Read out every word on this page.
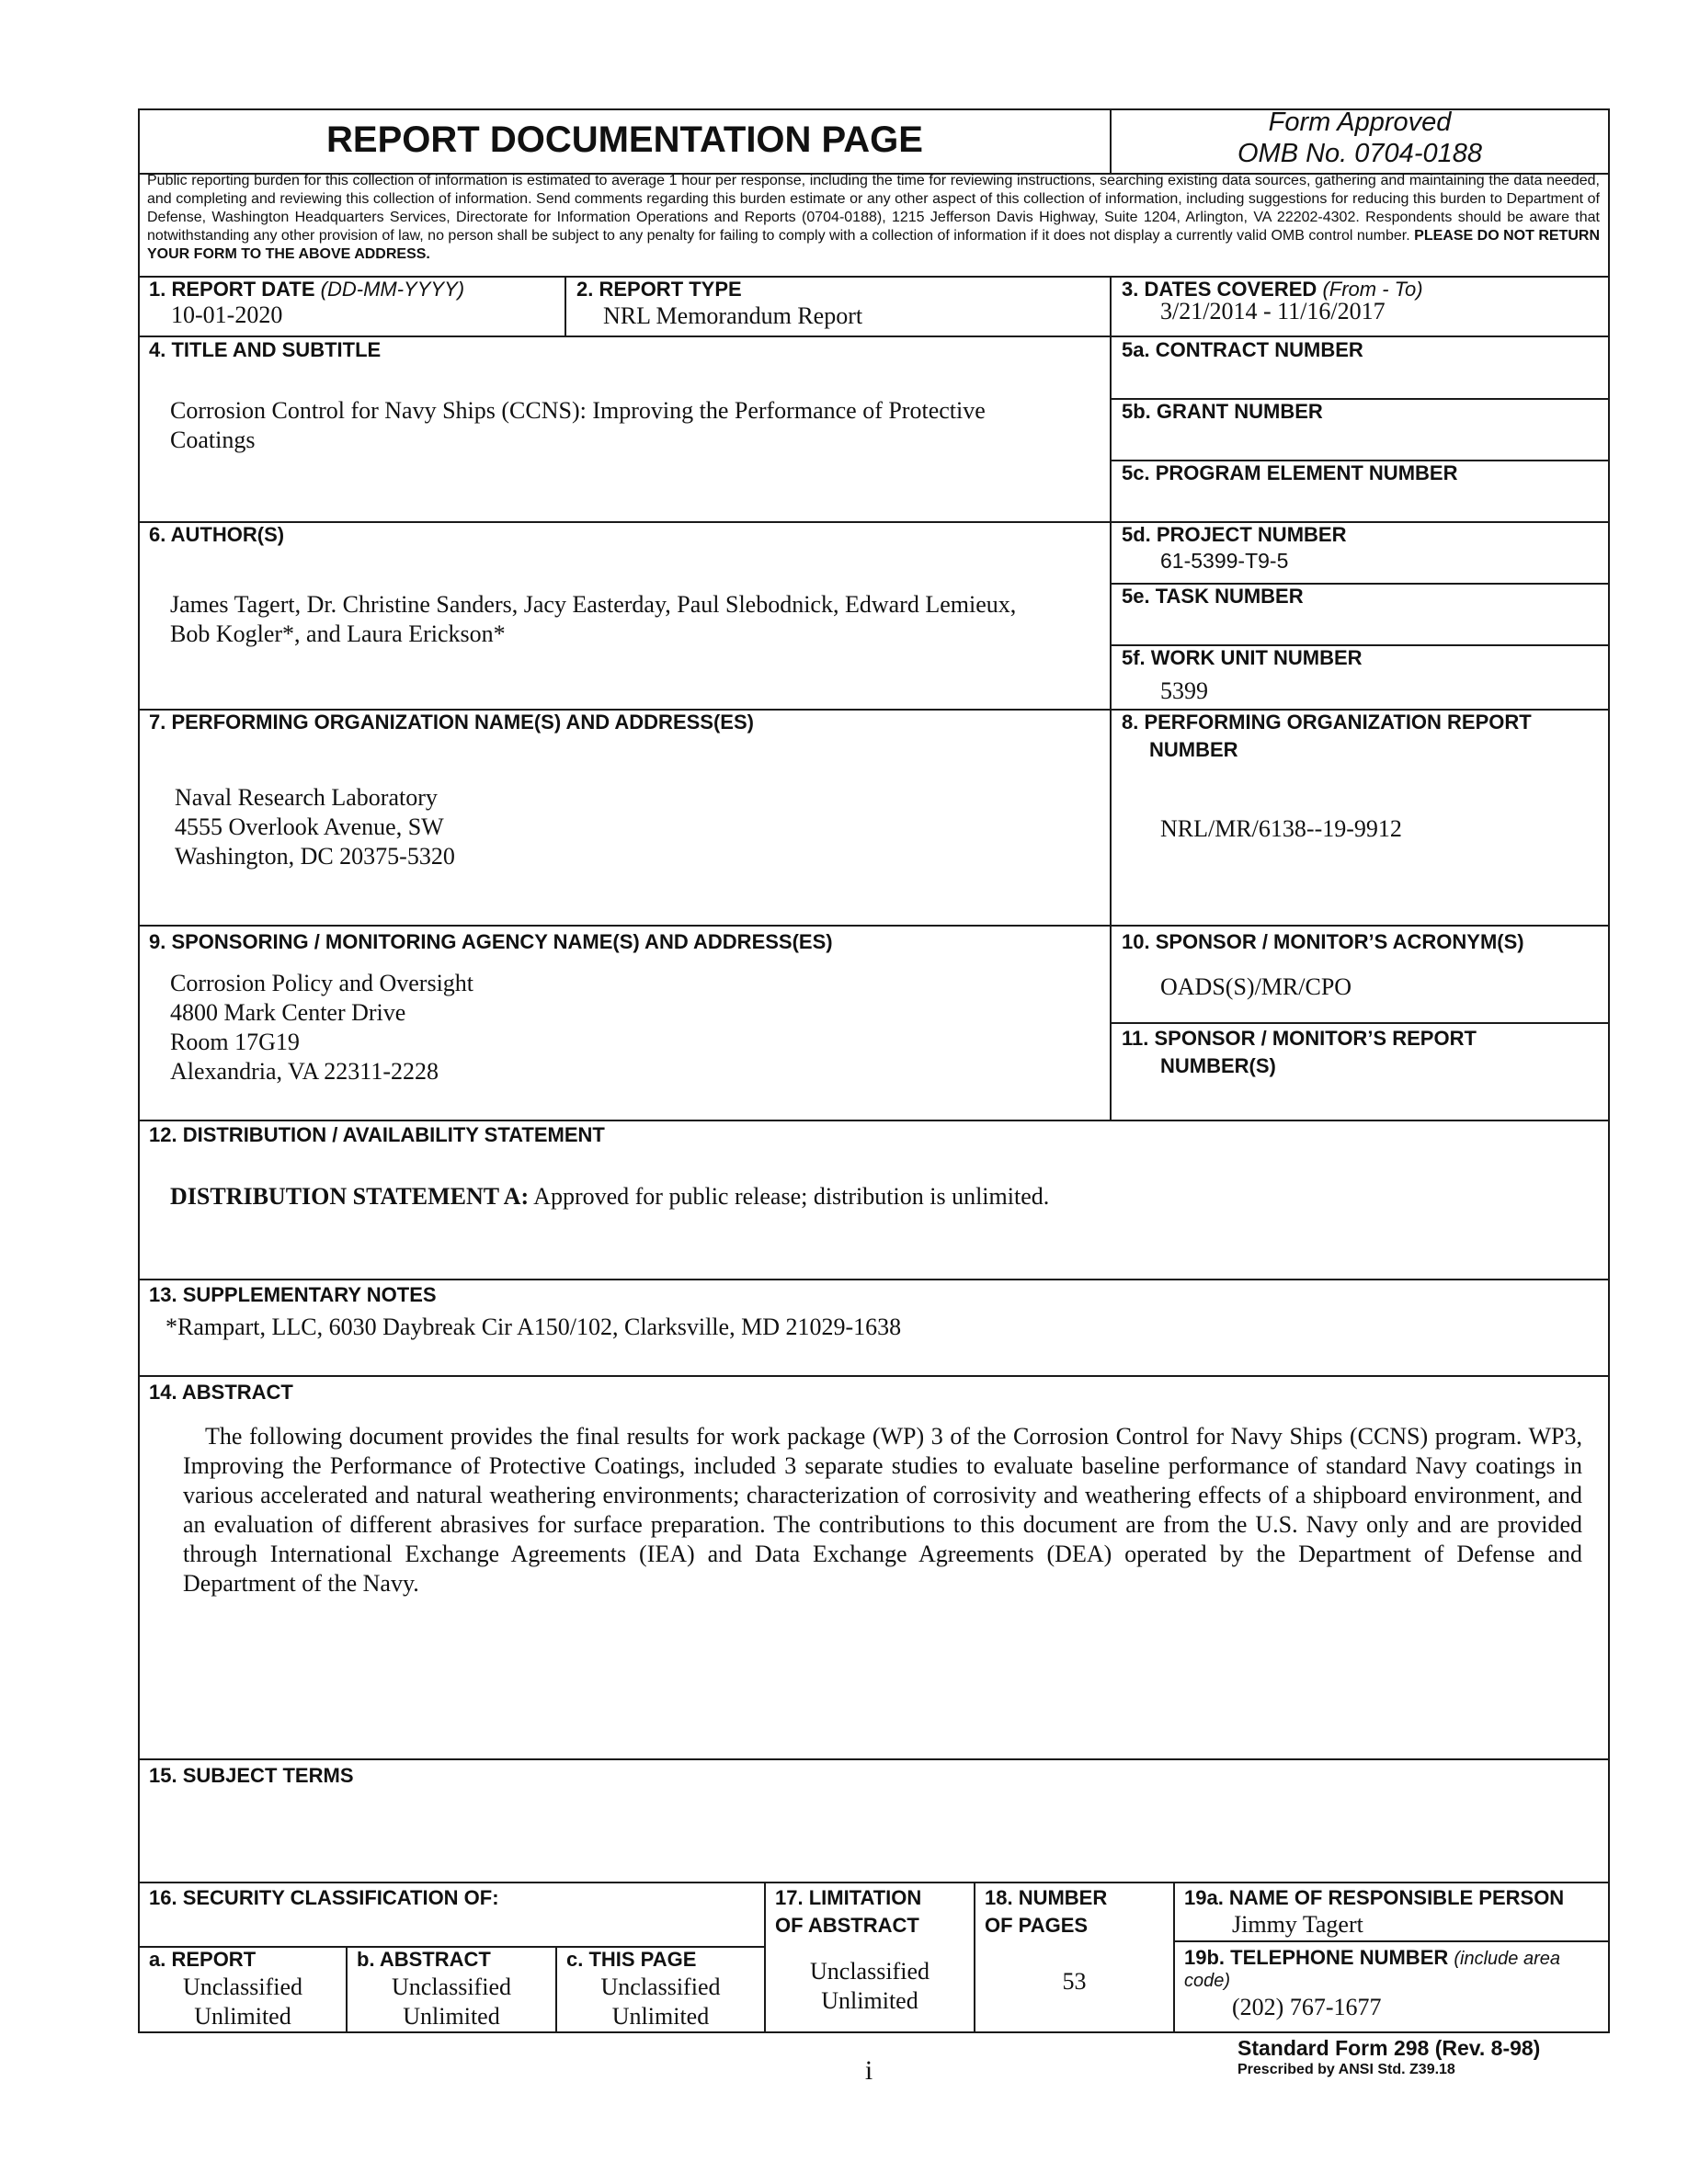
REPORT DOCUMENTATION PAGE	Form Approved
OMB No. 0704-0188
Public reporting burden for this collection of information is estimated to average 1 hour per response, including the time for reviewing instructions, searching existing data sources, gathering and maintaining the data needed, and completing and reviewing this collection of information. Send comments regarding this burden estimate or any other aspect of this collection of information, including suggestions for reducing this burden to Department of Defense, Washington Headquarters Services, Directorate for Information Operations and Reports (0704-0188), 1215 Jefferson Davis Highway, Suite 1204, Arlington, VA 22202-4302. Respondents should be aware that notwithstanding any other provision of law, no person shall be subject to any penalty for failing to comply with a collection of information if it does not display a currently valid OMB control number. PLEASE DO NOT RETURN YOUR FORM TO THE ABOVE ADDRESS.
1. REPORT DATE (DD-MM-YYYY)
10-01-2020
2. REPORT TYPE
NRL Memorandum Report
3. DATES COVERED (From - To)
3/21/2014 - 11/16/2017
4. TITLE AND SUBTITLE
Corrosion Control for Navy Ships (CCNS): Improving the Performance of Protective
Coatings
5a. CONTRACT NUMBER
5b. GRANT NUMBER
5c. PROGRAM ELEMENT NUMBER
6. AUTHOR(S)
James Tagert, Dr. Christine Sanders, Jacy Easterday, Paul Slebodnick, Edward Lemieux,
Bob Kogler*, and Laura Erickson*
5d. PROJECT NUMBER
61-5399-T9-5
5e. TASK NUMBER
5f. WORK UNIT NUMBER
5399
7. PERFORMING ORGANIZATION NAME(S) AND ADDRESS(ES)
Naval Research Laboratory
4555 Overlook Avenue, SW
Washington, DC 20375-5320
8. PERFORMING ORGANIZATION REPORT
NUMBER
NRL/MR/6138--19-9912
9. SPONSORING / MONITORING AGENCY NAME(S) AND ADDRESS(ES)
Corrosion Policy and Oversight
4800 Mark Center Drive
Room 17G19
Alexandria, VA 22311-2228
10. SPONSOR / MONITOR’S ACRONYM(S)
OADS(S)/MR/CPO
11. SPONSOR / MONITOR’S REPORT
NUMBER(S)
12. DISTRIBUTION / AVAILABILITY STATEMENT
DISTRIBUTION STATEMENT A: Approved for public release; distribution is unlimited.
13. SUPPLEMENTARY NOTES
*Rampart, LLC, 6030 Daybreak Cir A150/102, Clarksville, MD 21029-1638
14. ABSTRACT
The following document provides the final results for work package (WP) 3 of the Corrosion Control for Navy Ships (CCNS) program. WP3, Improving the Performance of Protective Coatings, included 3 separate studies to evaluate baseline performance of standard Navy coatings in various accelerated and natural weathering environments; characterization of corrosivity and weathering effects of a shipboard environment, and an evaluation of different abrasives for surface preparation. The contributions to this document are from the U.S. Navy only and are provided through International Exchange Agreements (IEA) and Data Exchange Agreements (DEA) operated by the Department of Defense and Department of the Navy.
15. SUBJECT TERMS
16. SECURITY CLASSIFICATION OF:
a. REPORT
Unclassified
Unlimited
b. ABSTRACT
Unclassified
Unlimited
c. THIS PAGE
Unclassified
Unlimited
17. LIMITATION
OF ABSTRACT
Unclassified
Unlimited
18. NUMBER
OF PAGES
53
19a. NAME OF RESPONSIBLE PERSON
Jimmy Tagert
19b. TELEPHONE NUMBER (include area
code)
(202) 767-1677
Standard Form 298 (Rev. 8-98)
Prescribed by ANSI Std. Z39.18
i
